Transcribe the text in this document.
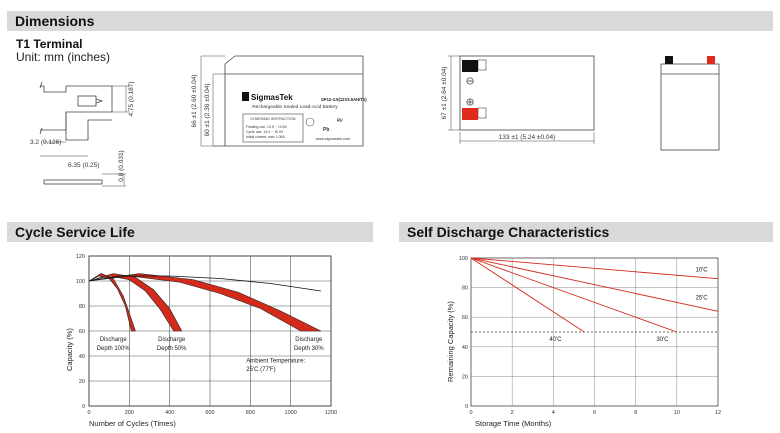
Dimensions
Cycle Service Life	Self Discharge Characteristics
T1 Terminal
Unit: mm (inches)
4.75 (0.187)
3.2 (0.126)
6.35 (0.25)	0.8 (0.031)
SigmasTek	SP12-3.5(12V3.5AH/T1)
Rechargeable Sealed Lead-Acid Battery
CHARGING INSTRUCTION
Floating use: 13.5 ~ 13.8V
Cycle use: 14.4 ~ 15.0V
Initial current: max 1.05A
Pb
ᴿᵁ
www.sigmastek.com
66 ±1 (2.60 ±0.04) 60 ±1 (2.36 ±0.04)	67 ±1 (2.64 ±0.04)
133 ±1 (5.24 ±0.04)
0
20
40
60
80
100
120
0	200	400	600	800	1000	1200
Discharge
Depth 100%
Discharge
Depth 50%
Discharge
Depth 30%
Ambient Temperature:
25'C (77'F)
Capacity (%)
Number of Cycles (Times)
0
20
40
60
80
100
0	2	4	6	8	10	12
10'C
25'C
30'C
40'C
Remaining Capacity (%)
Storage Time (Months)
